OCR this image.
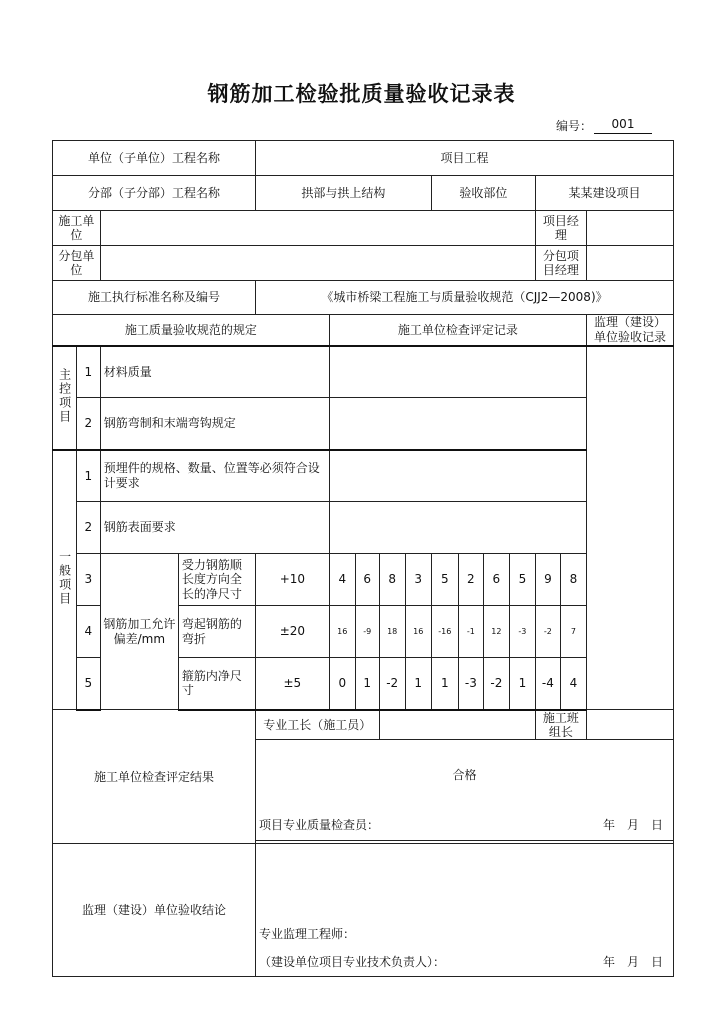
钢筋加工检验批质量验收记录表
编号：	001
单位（子单位）工程名称				项目工程											
分部（子分部）工程名称				拱部与拱上结构					验收部位				某某建设项目		
施工单位													项目经理		
分包单位													分包项目经理		
施工执行标准名称及编号				《城市桥梁工程施工与质量验收规范（CJJ2—2008)》											
施工质量验收规范的规定					施工单位检查评定记录										监理（建设）单位验收记录
主控项目	1	材料质量													
	2	钢筋弯制和末端弯钩规定													
一般项目	1	预埋件的规格、数量、位置等必须符合设计要求													
	2	钢筋表面要求													
	3	钢筋加工允许偏差/mm	受力钢筋顺长度方向全长的净尺寸	+10	4	6	8	3	5	2	6	5	9	8	
	4		弯起钢筋的弯折	±20	16	-9	18	16	-16	-1	12	-3	-2	7	
	5		箍筋内净尺寸	±5	0	1	-2	1	1	-3	-2	1	-4	4	
施工单位检查评定结果				专业工长（施工员）									施工班组长		
				合格											
				项目专业质量检查员：										年　月　日	

监理（建设）单位验收结论															
				专业监理工程师：											
				（建设单位项目专业技术负责人）：										年　月　日	
